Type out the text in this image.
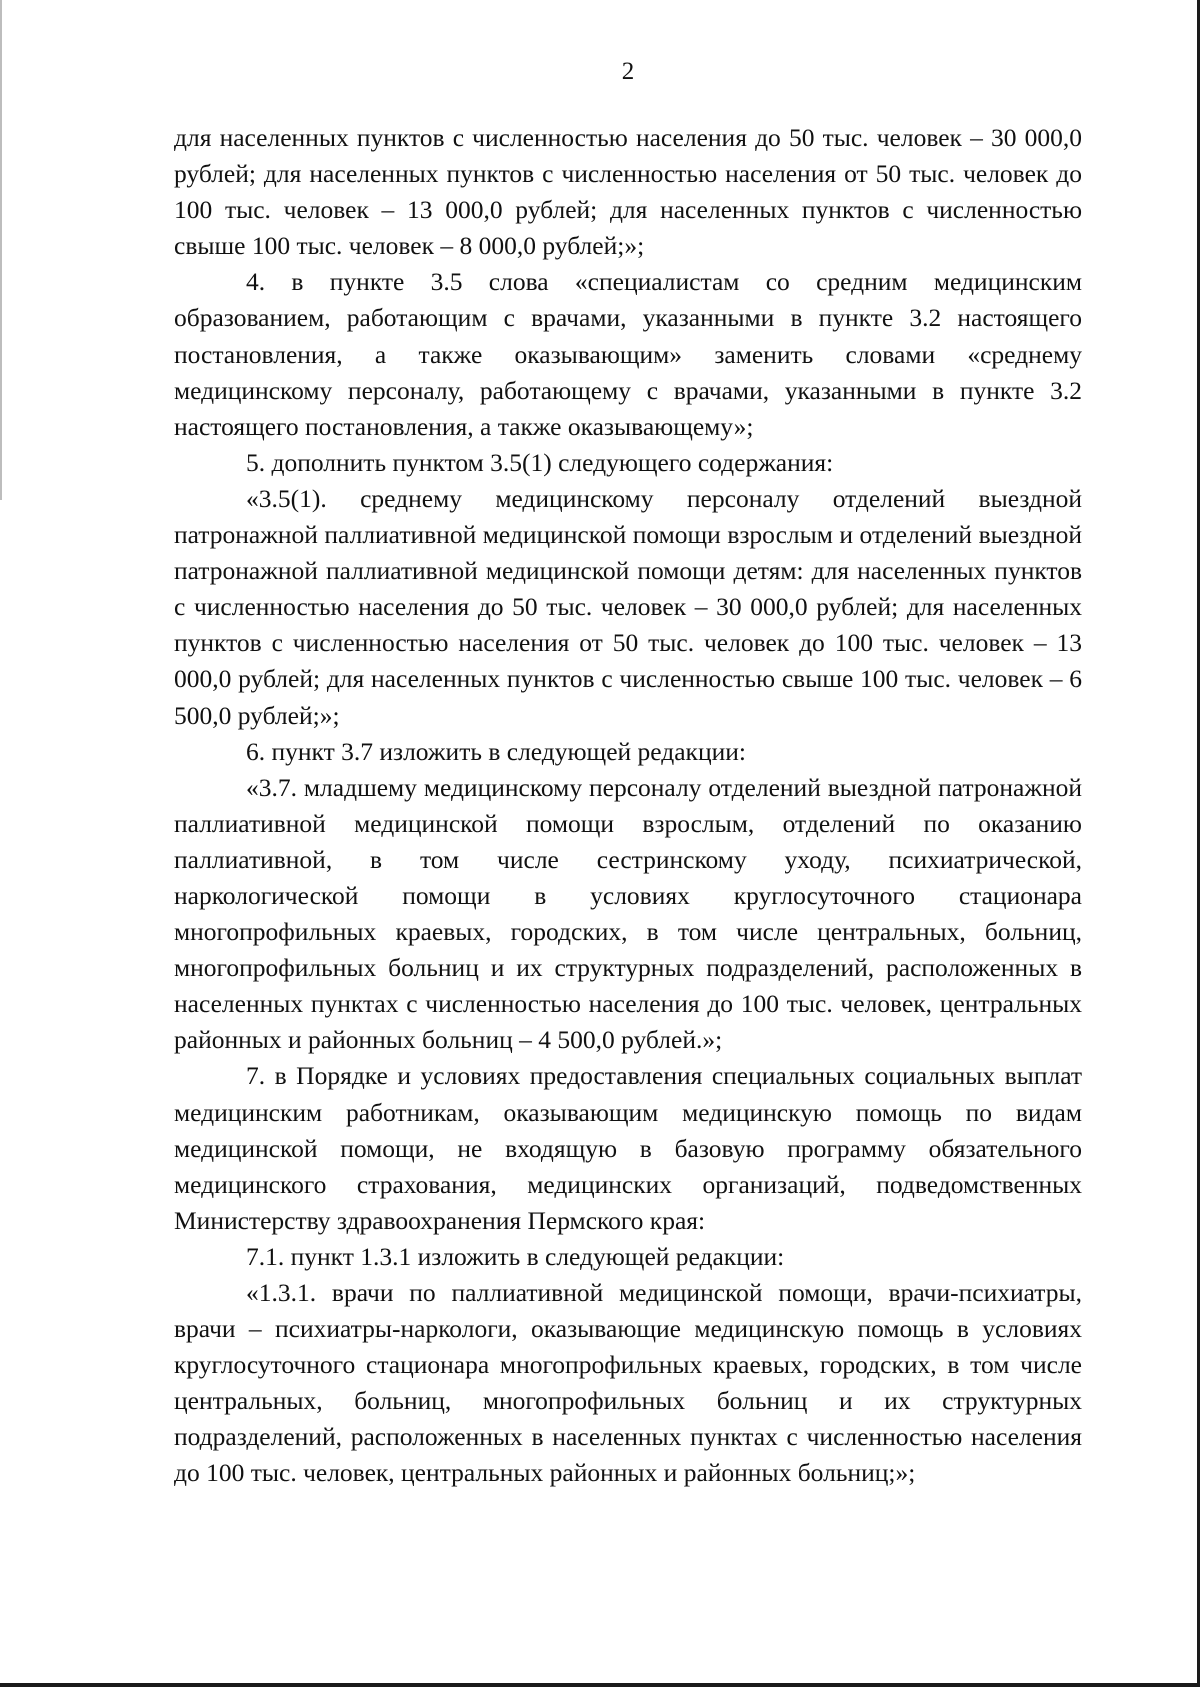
2

для населенных пунктов с численностью населения до 50 тыс. человек – 30 000,0 рублей; для населенных пунктов с численностью населения от 50 тыс. человек до 100 тыс. человек – 13 000,0 рублей; для населенных пунктов с численностью свыше 100 тыс. человек – 8 000,0 рублей;»;

4. в пункте 3.5 слова «специалистам со средним медицинским образованием, работающим с врачами, указанными в пункте 3.2 настоящего постановления, а также оказывающим» заменить словами «среднему медицинскому персоналу, работающему с врачами, указанными в пункте 3.2 настоящего постановления, а также оказывающему»;

5. дополнить пунктом 3.5(1) следующего содержания:

«3.5(1). среднему медицинскому персоналу отделений выездной патронажной паллиативной медицинской помощи взрослым и отделений выездной патронажной паллиативной медицинской помощи детям: для населенных пунктов с численностью населения до 50 тыс. человек – 30 000,0 рублей; для населенных пунктов с численностью населения от 50 тыс. человек до 100 тыс. человек – 13 000,0 рублей; для населенных пунктов с численностью свыше 100 тыс. человек – 6 500,0 рублей;»;

6. пункт 3.7 изложить в следующей редакции:

«3.7. младшему медицинскому персоналу отделений выездной патронажной паллиативной медицинской помощи взрослым, отделений по оказанию паллиативной, в том числе сестринскому уходу, психиатрической, наркологической помощи в условиях круглосуточного стационара многопрофильных краевых, городских, в том числе центральных, больниц, многопрофильных больниц и их структурных подразделений, расположенных в населенных пунктах с численностью населения до 100 тыс. человек, центральных районных и районных больниц – 4 500,0 рублей.»;

7. в Порядке и условиях предоставления специальных социальных выплат медицинским работникам, оказывающим медицинскую помощь по видам медицинской помощи, не входящую в базовую программу обязательного медицинского страхования, медицинских организаций, подведомственных Министерству здравоохранения Пермского края:

7.1. пункт 1.3.1 изложить в следующей редакции:

«1.3.1. врачи по паллиативной медицинской помощи, врачи-психиатры, врачи – психиатры-наркологи, оказывающие медицинскую помощь в условиях круглосуточного стационара многопрофильных краевых, городских, в том числе центральных, больниц, многопрофильных больниц и их структурных подразделений, расположенных в населенных пунктах с численностью населения до 100 тыс. человек, центральных районных и районных больниц;»;
